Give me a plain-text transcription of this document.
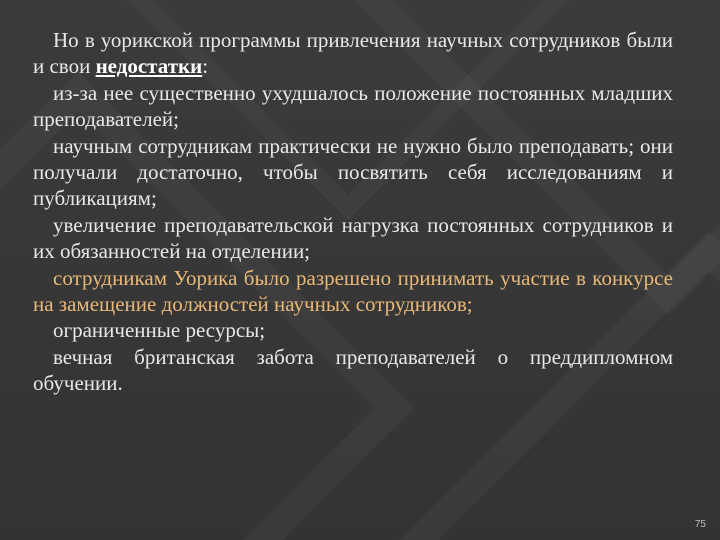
Но в уорикской программы привлечения научных сотрудников были и свои недостатки:

из-за нее существенно ухудшалось положение постоянных младших преподавателей;

научным сотрудникам практически не нужно было преподавать; они получали достаточно, чтобы посвятить себя исследованиям и публикациям;

увеличение преподавательской нагрузка постоянных сотрудников и их обязанностей на отделении;

сотрудникам Уорика было разрешено принимать участие в конкурсе на замещение должностей научных сотрудников;

ограниченные ресурсы;

вечная британская забота преподавателей о преддипломном обучении.

75
